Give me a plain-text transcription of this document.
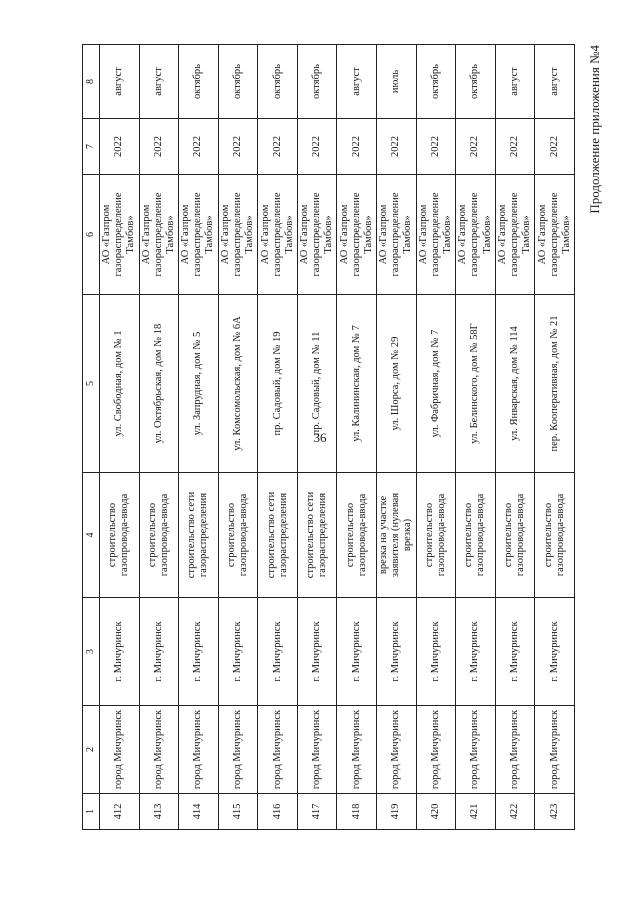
36
Продолжение приложения №4
1	2	3	4	5	6	7	8
412	город Мичуринск	г. Мичуринск	строительство газопровода-ввода	ул. Свободная, дом № 1	АО «Газпром газораспределение Тамбов»	2022	август
413	город Мичуринск	г. Мичуринск	строительство газопровода-ввода	ул. Октябрьская, дом № 18	АО «Газпром газораспределение Тамбов»	2022	август
414	город Мичуринск	г. Мичуринск	строительство сети газораспределения	ул. Запрудная, дом № 5	АО «Газпром газораспределение Тамбов»	2022	октябрь
415	город Мичуринск	г. Мичуринск	строительство газопровода-ввода	ул. Комсомольская, дом № 6А	АО «Газпром газораспределение Тамбов»	2022	октябрь
416	город Мичуринск	г. Мичуринск	строительство сети газораспределения	пр. Садовый, дом № 19	АО «Газпром газораспределение Тамбов»	2022	октябрь
417	город Мичуринск	г. Мичуринск	строительство сети газораспределения	пр. Садовый, дом № 11	АО «Газпром газораспределение Тамбов»	2022	октябрь
418	город Мичуринск	г. Мичуринск	строительство газопровода-ввода	ул. Калининская, дом № 7	АО «Газпром газораспределение Тамбов»	2022	август
419	город Мичуринск	г. Мичуринск	врезка на участке заявителя (нулевая врезка)	ул. Шорса, дом № 29	АО «Газпром газораспределение Тамбов»	2022	июль
420	город Мичуринск	г. Мичуринск	строительство газопровода-ввода	ул. Фабричная, дом № 7	АО «Газпром газораспределение Тамбов»	2022	октябрь
421	город Мичуринск	г. Мичуринск	строительство газопровода-ввода	ул. Белинского, дом № 58Г	АО «Газпром газораспределение Тамбов»	2022	октябрь
422	город Мичуринск	г. Мичуринск	строительство газопровода-ввода	ул. Январская, дом № 114	АО «Газпром газораспределение Тамбов»	2022	август
423	город Мичуринск	г. Мичуринск	строительство газопровода-ввода	пер. Кооперативная, дом № 21	АО «Газпром газораспределение Тамбов»	2022	август
